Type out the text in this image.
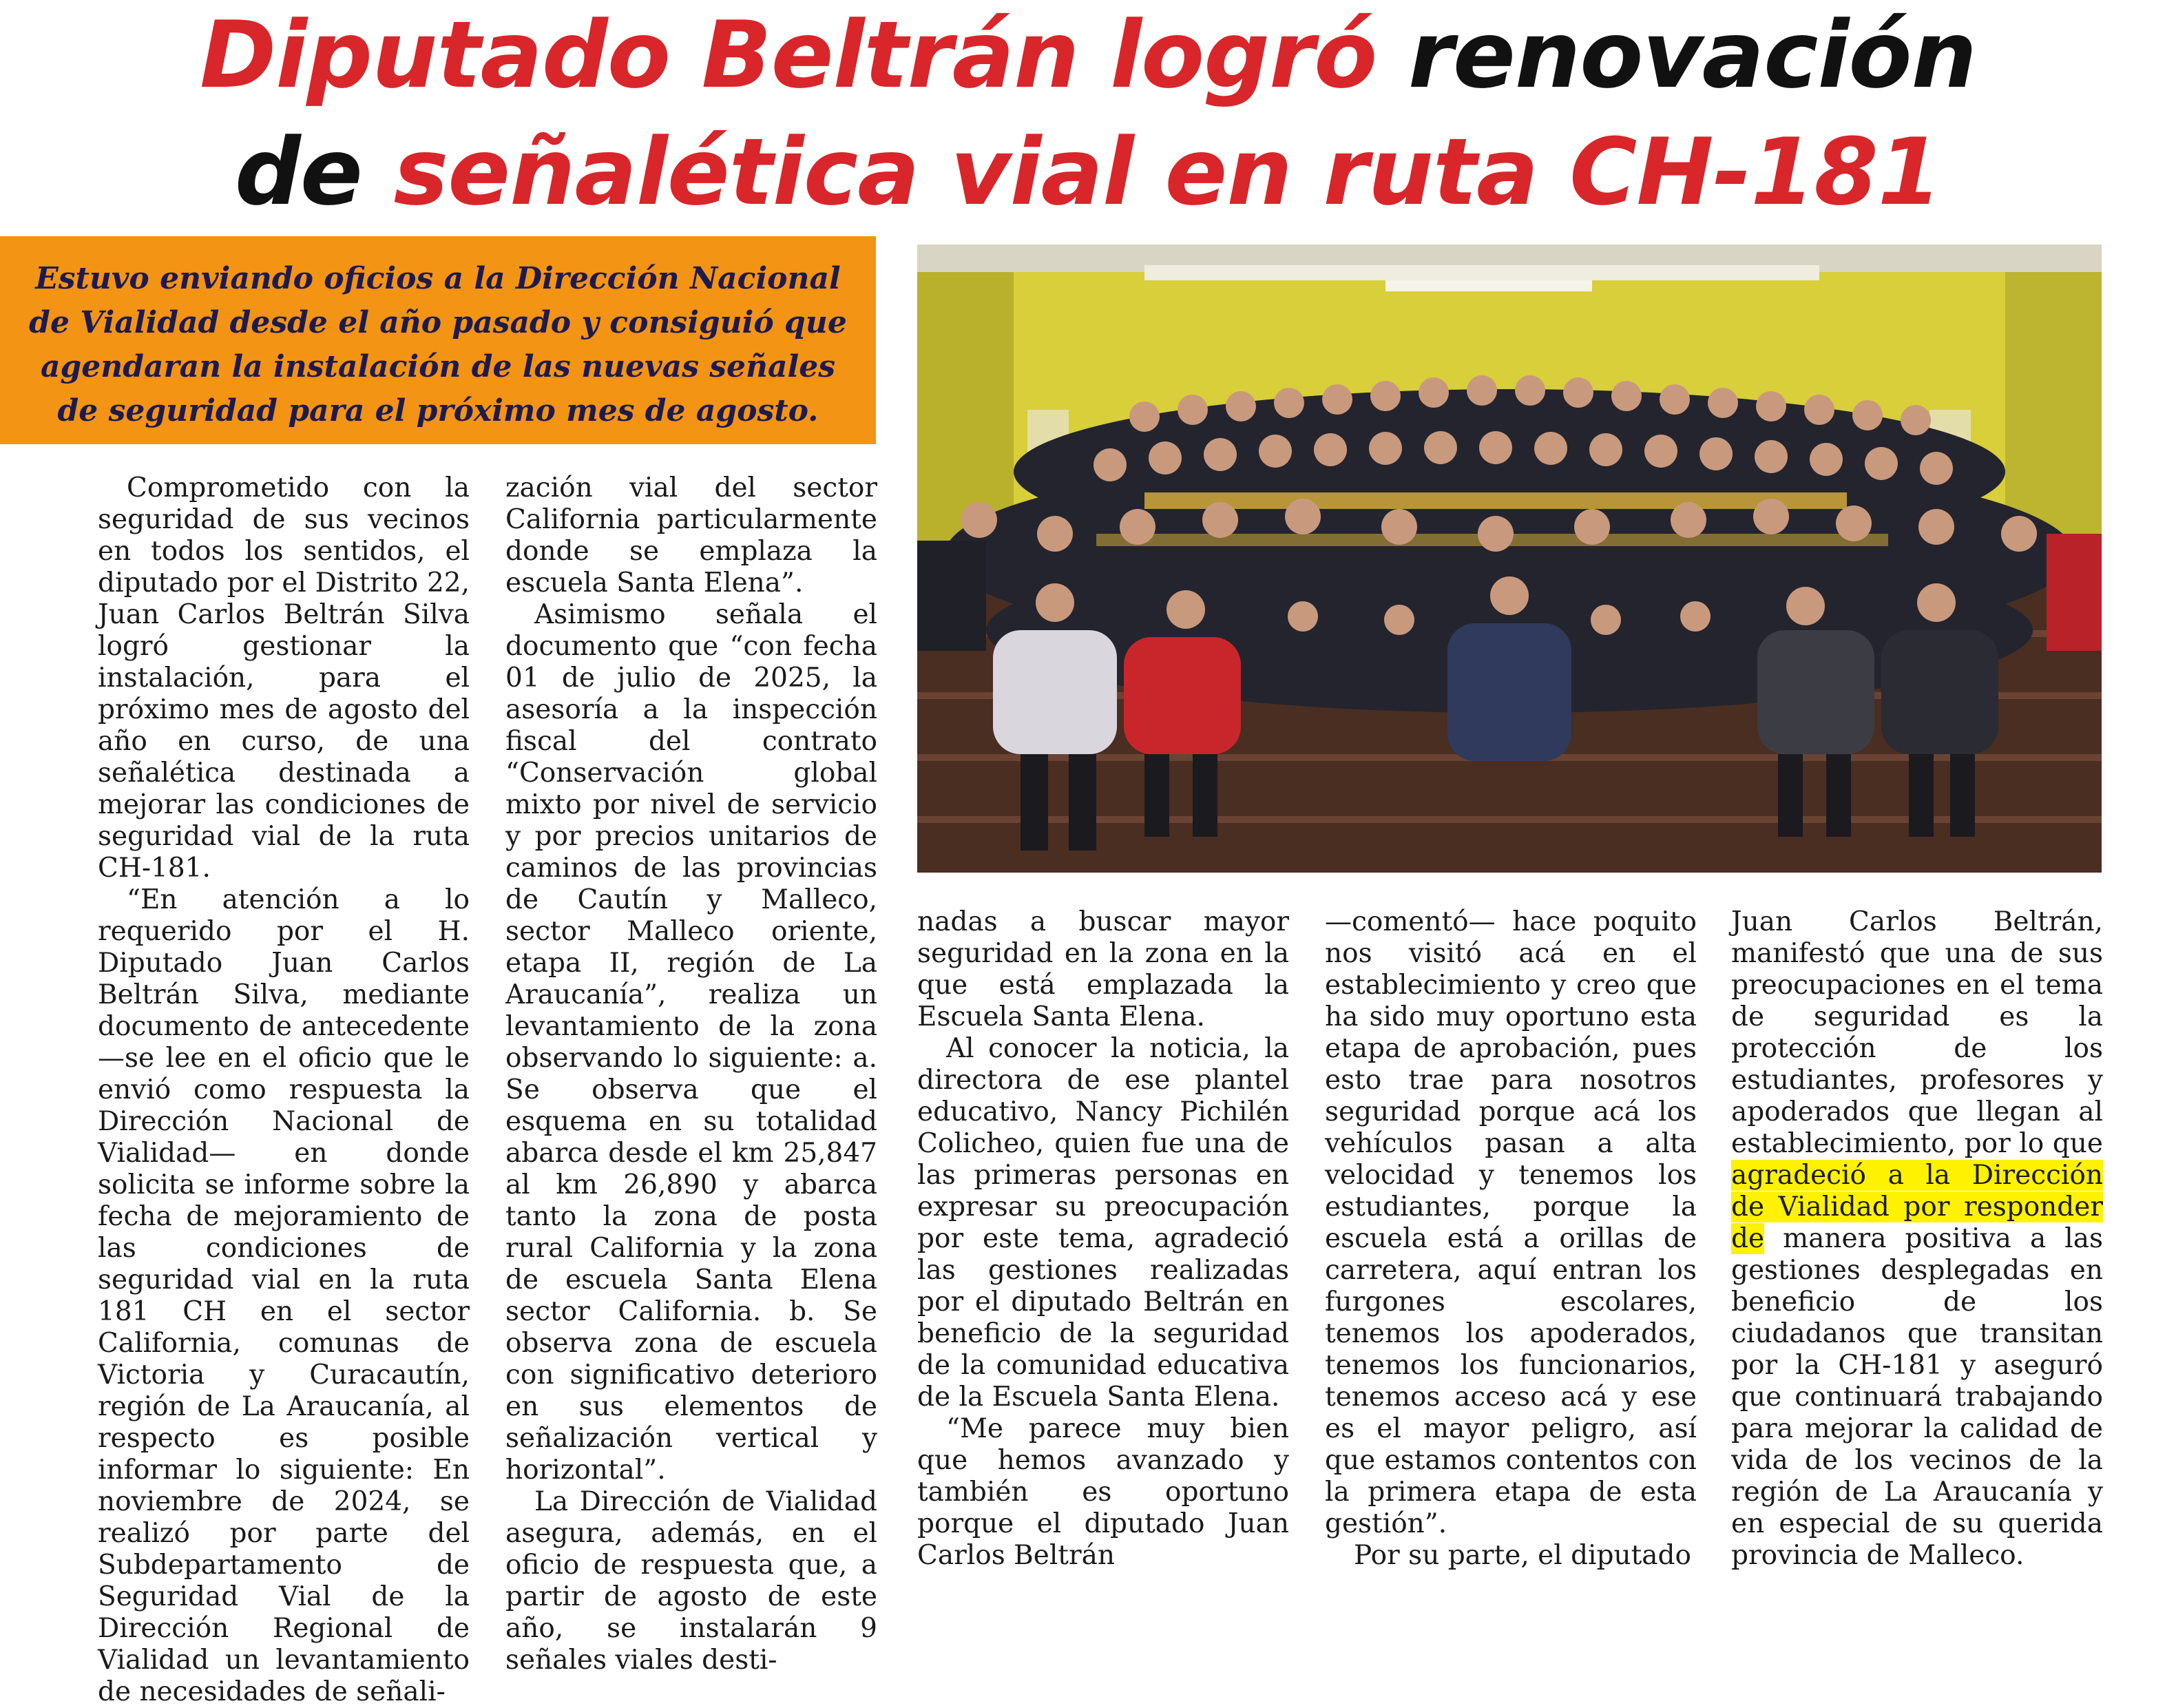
Diputado Beltrán logró renovación
de señalética vial en ruta CH-181

Estuvo enviando oficios a la Dirección Nacional de Vialidad desde el año pasado y consiguió que agendaran la instalación de las nuevas señales de seguridad para el próximo mes de agosto.

Comprometido con la seguridad de sus vecinos en todos los sentidos, el diputado por el Distrito 22, Juan Carlos Beltrán Silva logró gestionar la instalación, para el próximo mes de agosto del año en curso, de una señalética destinada a mejorar las condiciones de seguridad vial de la ruta CH-181.

“En atención a lo requerido por el H. Diputado Juan Carlos Beltrán Silva, mediante documento de antecedente —se lee en el oficio que le envió como respuesta la Dirección Nacional de Vialidad— en donde solicita se informe sobre la fecha de mejoramiento de las condiciones de seguridad vial en la ruta 181 CH en el sector California, comunas de Victoria y Curacautín, región de La Araucanía, al respecto es posible informar lo siguiente: En noviembre de 2024, se realizó por parte del Subdepartamento de Seguridad Vial de la Dirección Regional de Vialidad un levantamiento de necesidades de señali-

zación vial del sector California particularmente donde se emplaza la escuela Santa Elena”.

Asimismo señala el documento que “con fecha 01 de julio de 2025, la asesoría a la inspección fiscal del contrato “Conservación global mixto por nivel de servicio y por precios unitarios de caminos de las provincias de Cautín y Malleco, sector Malleco oriente, etapa II, región de La Araucanía”, realiza un levantamiento de la zona observando lo siguiente: a. Se observa que el esquema en su totalidad abarca desde el km 25,847 al km 26,890 y abarca tanto la zona de posta rural California y la zona de escuela Santa Elena sector California. b. Se observa zona de escuela con significativo deterioro en sus elementos de señalización vertical y horizontal”.

La Dirección de Vialidad asegura, además, en el oficio de respuesta que, a partir de agosto de este año, se instalarán 9 señales viales desti-

nadas a buscar mayor seguridad en la zona en la que está emplazada la Escuela Santa Elena.

Al conocer la noticia, la directora de ese plantel educativo, Nancy Pichilén Colicheo, quien fue una de las primeras personas en expresar su preocupación por este tema, agradeció las gestiones realizadas por el diputado Beltrán en beneficio de la seguridad de la comunidad educativa de la Escuela Santa Elena.

“Me parece muy bien que hemos avanzado y también es oportuno porque el diputado Juan Carlos Beltrán

—comentó— hace poquito nos visitó acá en el establecimiento y creo que ha sido muy oportuno esta etapa de aprobación, pues esto trae para nosotros seguridad porque acá los vehículos pasan a alta velocidad y tenemos los estudiantes, porque la escuela está a orillas de carretera, aquí entran los furgones escolares, tenemos los apoderados, tenemos los funcionarios, tenemos acceso acá y ese es el mayor peligro, así que estamos contentos con la primera etapa de esta gestión”.

Por su parte, el diputado

Juan Carlos Beltrán, manifestó que una de sus preocupaciones en el tema de seguridad es la protección de los estudiantes, profesores y apoderados que llegan al establecimiento, por lo que agradeció a la Dirección de Vialidad por responder de manera positiva a las gestiones desplegadas en beneficio de los ciudadanos que transitan por la CH-181 y aseguró que continuará trabajando para mejorar la calidad de vida de los vecinos de la región de La Araucanía y en especial de su querida provincia de Malleco.
